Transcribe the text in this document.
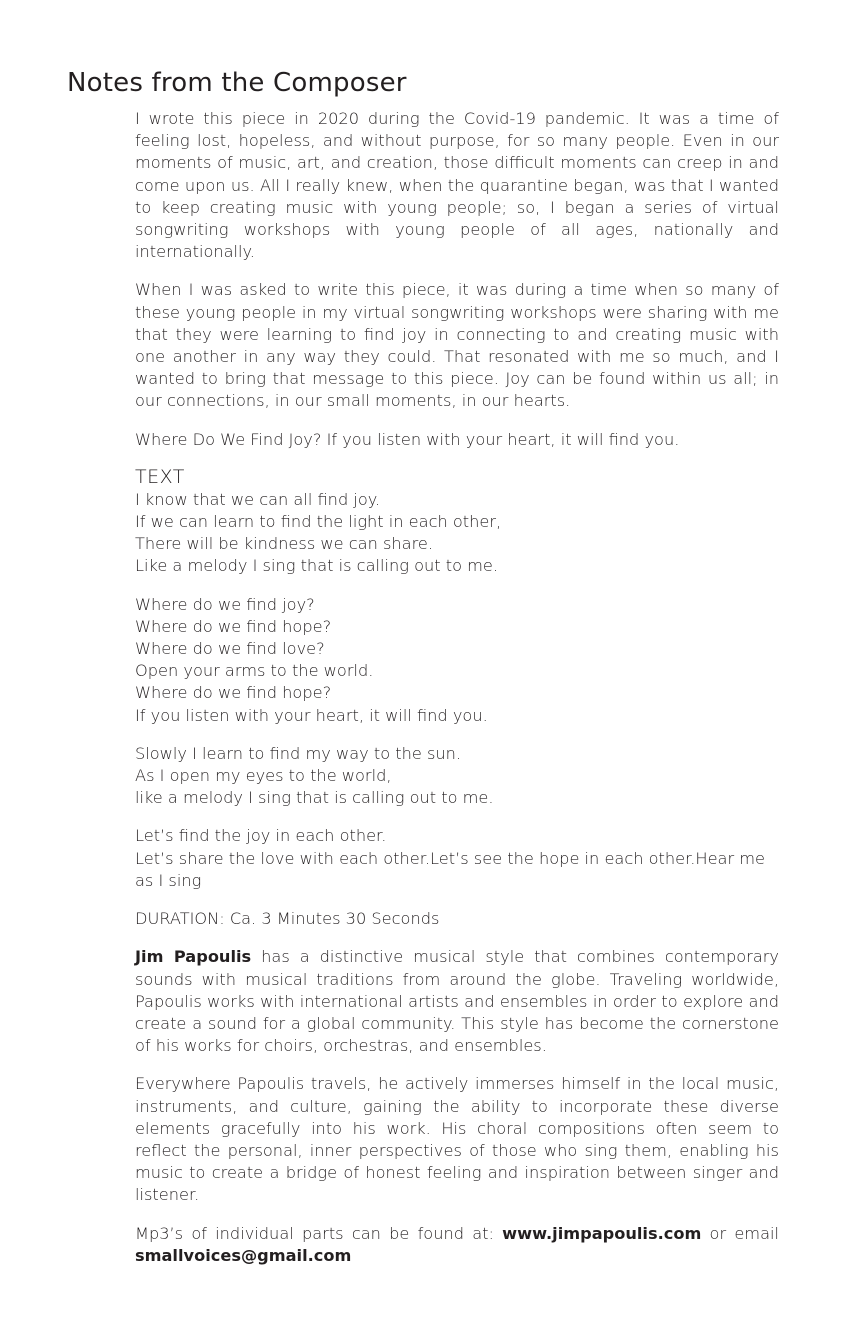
Notes from the Composer

I wrote this piece in 2020 during the Covid-19 pandemic. It was a time of feeling lost, hopeless, and without purpose, for so many people. Even in our moments of music, art, and creation, those difficult moments can creep in and come upon us. All I really knew, when the quarantine began, was that I wanted to keep creating music with young people; so, I began a series of virtual songwriting workshops with young people of all ages, nationally and internationally.

When I was asked to write this piece, it was during a time when so many of these young people in my virtual songwriting workshops were sharing with me that they were learning to find joy in connecting to and creating music with one another in any way they could. That resonated with me so much, and I wanted to bring that message to this piece. Joy can be found within us all; in our connections, in our small moments, in our hearts.

Where Do We Find Joy? If you listen with your heart, it will find you.

TEXT
I know that we can all find joy.
If we can learn to find the light in each other,
There will be kindness we can share.
Like a melody I sing that is calling out to me.
Where do we find joy?
Where do we find hope?
Where do we find love?
Open your arms to the world.
Where do we find hope?
If you listen with your heart, it will find you.
Slowly I learn to find my way to the sun.
As I open my eyes to the world,
like a melody I sing that is calling out to me.
Let’s find the joy in each other.
Let’s share the love with each other.Let’s see the hope in each other.Hear me as I sing

DURATION: Ca. 3 Minutes 30 Seconds

Jim Papoulis has a distinctive musical style that combines contemporary sounds with musical traditions from around the globe. Traveling worldwide, Papoulis works with international artists and ensembles in order to explore and create a sound for a global community. This style has become the cornerstone of his works for choirs, orchestras, and ensembles.

Everywhere Papoulis travels, he actively immerses himself in the local music, instruments, and culture, gaining the ability to incorporate these diverse elements gracefully into his work. His choral compositions often seem to reflect the personal, inner perspectives of those who sing them, enabling his music to create a bridge of honest feeling and inspiration between singer and listener.

Mp3’s of individual parts can be found at: www.jimpapoulis.com or email smallvoices@gmail.com
